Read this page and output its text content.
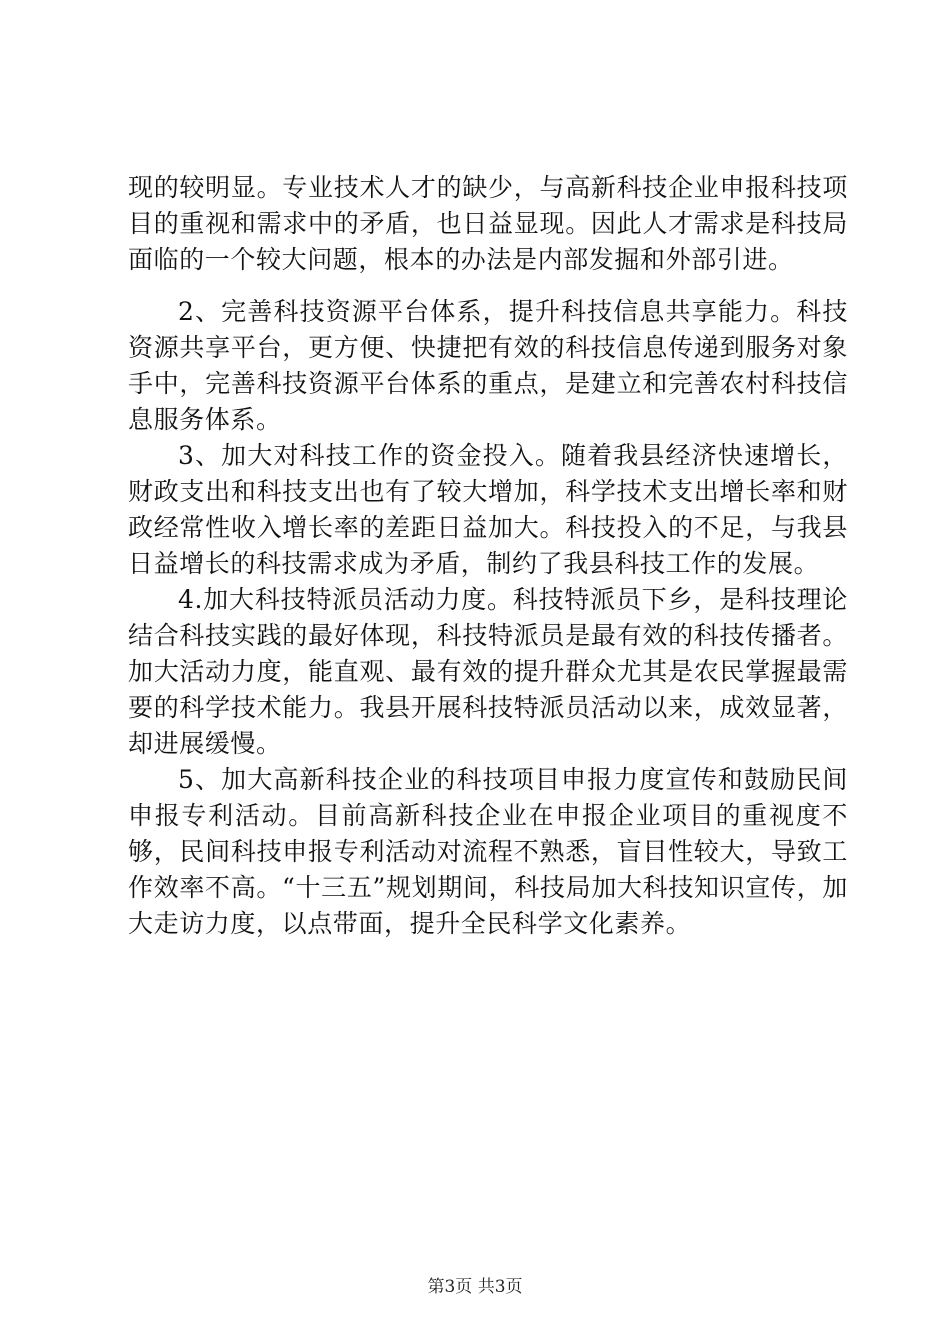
现的较明显。专业技术人才的缺少，与高新科技企业申报科技项目的重视和需求中的矛盾，也日益显现。因此人才需求是科技局面临的一个较大问题，根本的办法是内部发掘和外部引进。

2、完善科技资源平台体系，提升科技信息共享能力。科技资源共享平台，更方便、快捷把有效的科技信息传递到服务对象手中，完善科技资源平台体系的重点，是建立和完善农村科技信息服务体系。

3、加大对科技工作的资金投入。随着我县经济快速增长，财政支出和科技支出也有了较大增加，科学技术支出增长率和财政经常性收入增长率的差距日益加大。科技投入的不足，与我县日益增长的科技需求成为矛盾，制约了我县科技工作的发展。

4.加大科技特派员活动力度。科技特派员下乡，是科技理论结合科技实践的最好体现，科技特派员是最有效的科技传播者。加大活动力度，能直观、最有效的提升群众尤其是农民掌握最需要的科学技术能力。我县开展科技特派员活动以来，成效显著，却进展缓慢。

5、加大高新科技企业的科技项目申报力度宣传和鼓励民间申报专利活动。目前高新科技企业在申报企业项目的重视度不够，民间科技申报专利活动对流程不熟悉，盲目性较大，导致工作效率不高。“十三五”规划期间，科技局加大科技知识宣传，加大走访力度，以点带面，提升全民科学文化素养。

第3页 共3页
